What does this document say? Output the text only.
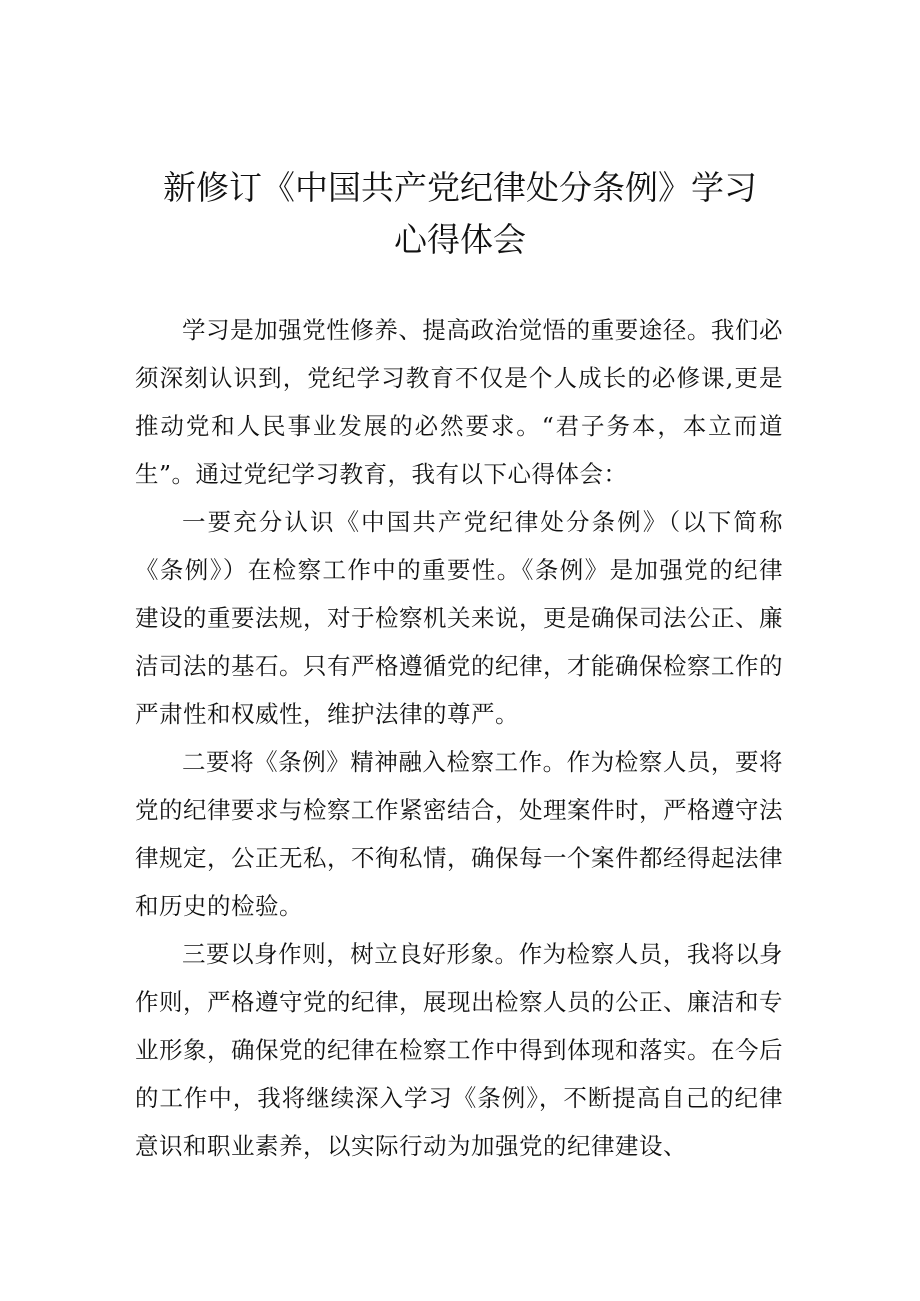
新修订《中国共产党纪律处分条例》学习
心得体会

学习是加强党性修养、提高政治觉悟的重要途径。我们必须深刻认识到，党纪学习教育不仅是个人成长的必修课,更是推动党和人民事业发展的必然要求。“君子务本，本立而道生”。通过党纪学习教育，我有以下心得体会：

一要充分认识《中国共产党纪律处分条例》（以下简称《条例》）在检察工作中的重要性。《条例》是加强党的纪律建设的重要法规，对于检察机关来说，更是确保司法公正、廉洁司法的基石。只有严格遵循党的纪律，才能确保检察工作的严肃性和权威性，维护法律的尊严。

二要将《条例》精神融入检察工作。作为检察人员，要将党的纪律要求与检察工作紧密结合，处理案件时，严格遵守法律规定，公正无私，不徇私情，确保每一个案件都经得起法律和历史的检验。

三要以身作则，树立良好形象。作为检察人员，我将以身作则，严格遵守党的纪律，展现出检察人员的公正、廉洁和专业形象，确保党的纪律在检察工作中得到体现和落实。在今后的工作中，我将继续深入学习《条例》，不断提高自己的纪律意识和职业素养，以实际行动为加强党的纪律建设、
